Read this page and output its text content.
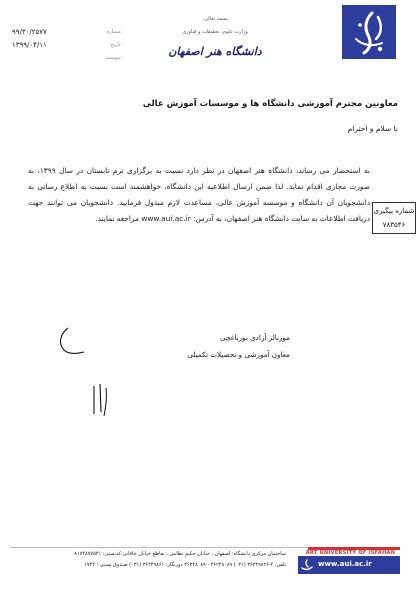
بسمه تعالی
وزارت علوم، تحقیقات و فناوری
دانشگاه هنر اصفهان
۹۹/۳۰/۲۵۷۷	شماره:
۱۳۹۹/۰۴/۱۱	تاریخ:
پیوست:
معاونین محترم آموزشی دانشگاه ها و موسسات آموزش عالی
با سلام و احترام

به استحضار می رساند، دانشگاه هنر اصفهان در نظر دارد نسبت به برگزاری ترم تابستان در سال ۱۳۹۹، به صورت مجازی اقدام نماید. لذا ضمن ارسال اطلاعیه این دانشگاه، خواهشمند است نسبت به اطلاع رسانی به دانشجویان آن دانشگاه و موسسه آموزش عالی، مساعدت لازم مبذول فرمایید. دانشجویان می توانند جهت دریافت اطلاعات به سایت دانشگاه هنر اصفهان، به آدرس: www.aui.ac.ir مراجعه نمایند.

شماره پیگیری
۷۸۳۵۴۶
مورنالز آزادی بورباغچی
معاون آموزشی و تحصیلات تکمیلی
ساختمان مرکزی دانشگاه: اصفهان ، خیابان حکیم نظامی ، تقاطع خیابان خاقانی کدپستی: ۸۱۷۴۸۷۷۵۴۱
تلفن: ۴-۳۶۲۴۹۸۲۶ (۰۳۱) ۳۶۲۴۸۰۸۹ - ۳۶۲۴۸۰۸۹ دورنگار: ۳۶۲۴۹۸۶۱ (۰۳۱) صندوق پستی : ۱۷۴۴
ART UNIVERSITY OF ISFAHAN
www.aui.ac.ir
